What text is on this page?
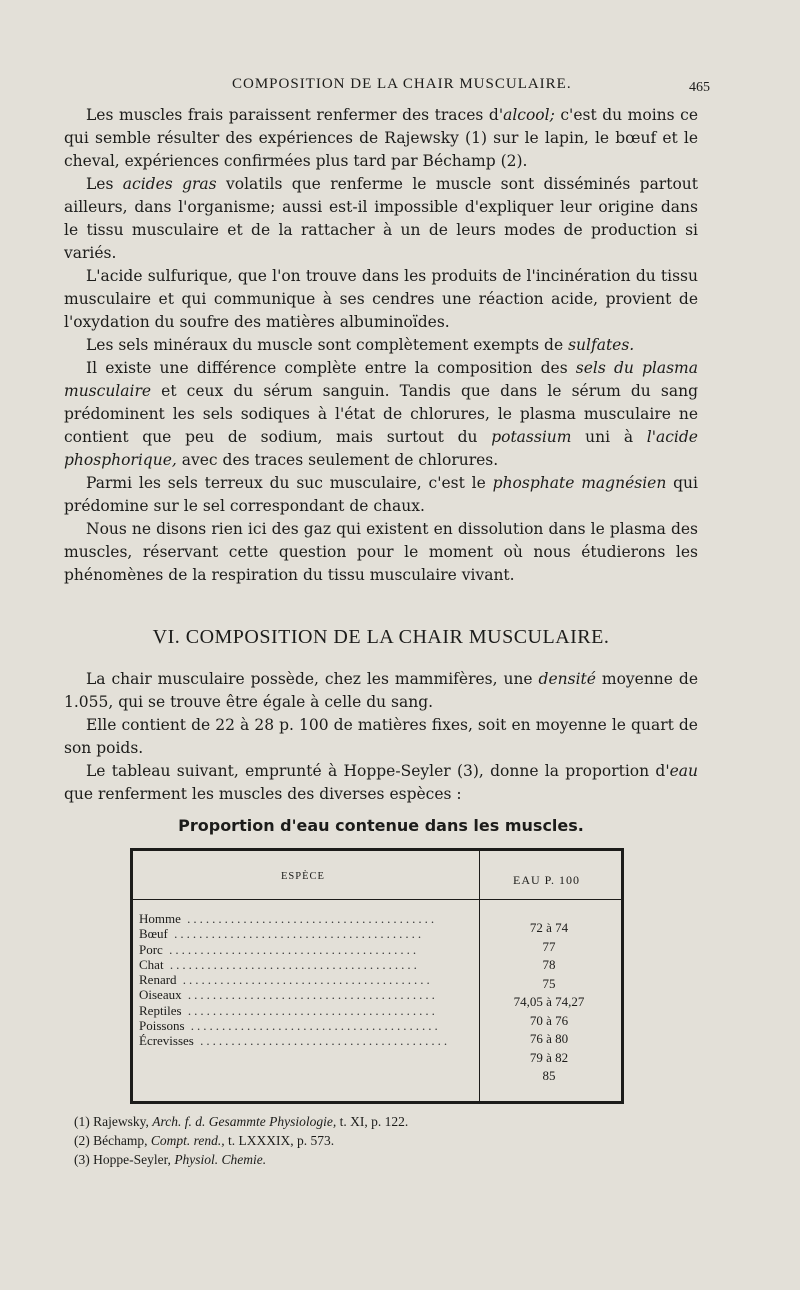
COMPOSITION DE LA CHAIR MUSCULAIRE.	465

Les muscles frais paraissent renfermer des traces d'alcool; c'est du moins ce qui semble résulter des expériences de Rajewsky (1) sur le lapin, le bœuf et le cheval, expériences confirmées plus tard par Béchamp (2).

Les acides gras volatils que renferme le muscle sont disséminés partout ailleurs, dans l'organisme; aussi est-il impossible d'expliquer leur origine dans le tissu musculaire et de la rattacher à un de leurs modes de production si variés.

L'acide sulfurique, que l'on trouve dans les produits de l'incinération du tissu musculaire et qui communique à ses cendres une réaction acide, provient de l'oxydation du soufre des matières albuminoïdes.

Les sels minéraux du muscle sont complètement exempts de sulfates.

Il existe une différence complète entre la composition des sels du plasma musculaire et ceux du sérum sanguin. Tandis que dans le sérum du sang prédominent les sels sodiques à l'état de chlorures, le plasma musculaire ne contient que peu de sodium, mais surtout du potassium uni à l'acide phosphorique, avec des traces seulement de chlorures.

Parmi les sels terreux du suc musculaire, c'est le phosphate magnésien qui prédomine sur le sel correspondant de chaux.

Nous ne disons rien ici des gaz qui existent en dissolution dans le plasma des muscles, réservant cette question pour le moment où nous étudierons les phénomènes de la respiration du tissu musculaire vivant.

VI. COMPOSITION DE LA CHAIR MUSCULAIRE.

La chair musculaire possède, chez les mammifères, une densité moyenne de 1.055, qui se trouve être égale à celle du sang.

Elle contient de 22 à 28 p. 100 de matières fixes, soit en moyenne le quart de son poids.

Le tableau suivant, emprunté à Hoppe-Seyler (3), donne la proportion d'eau que renferment les muscles des diverses espèces :

Proportion d'eau contenue dans les muscles.
ESPÈCE	EAU P. 100
Homme ........................................
Bœuf ........................................
Porc ........................................
Chat ........................................
Renard ........................................
Oiseaux ........................................
Reptiles ........................................
Poissons ........................................
Écrevisses ........................................
72 à 74
77
78
75
74,05 à 74,27
70 à 76
76 à 80
79 à 82
85
(1) Rajewsky, Arch. f. d. Gesammte Physiologie, t. XI, p. 122.
(2) Béchamp, Compt. rend., t. LXXXIX, p. 573.
(3) Hoppe-Seyler, Physiol. Chemie.
